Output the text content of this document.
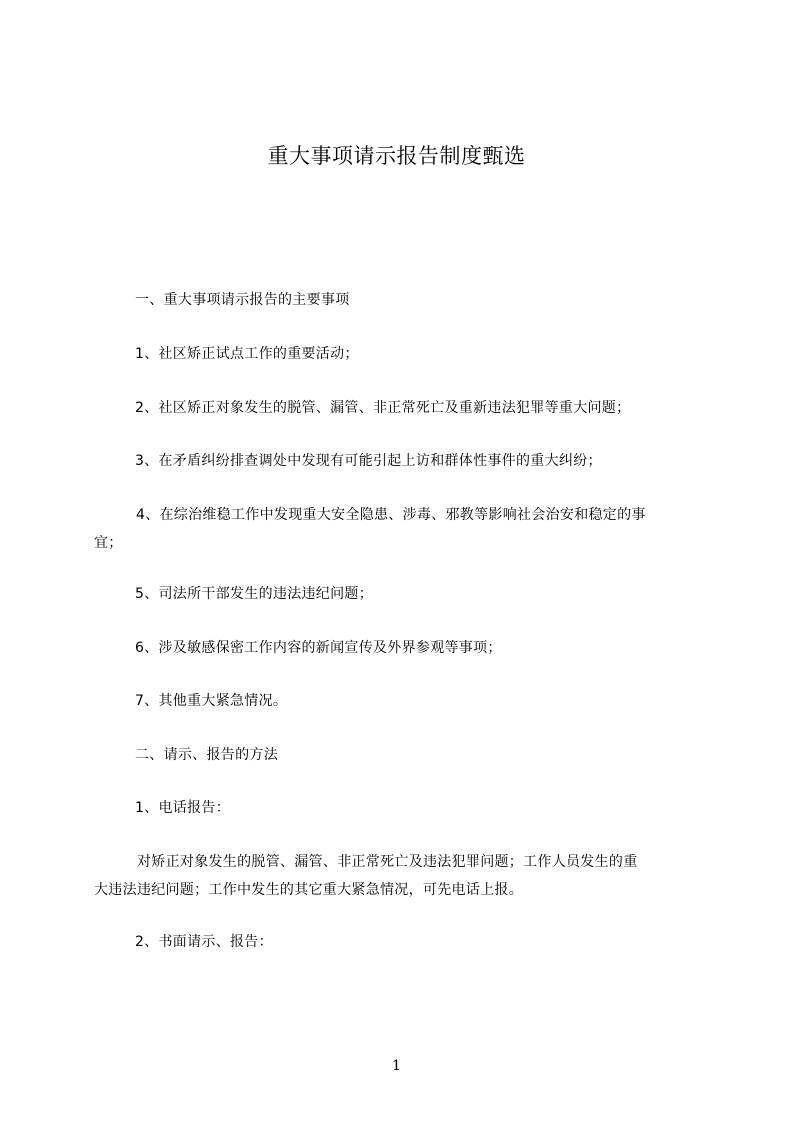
重大事项请示报告制度甄选
一、重大事项请示报告的主要事项
1、社区矫正试点工作的重要活动；
2、社区矫正对象发生的脱管、漏管、非正常死亡及重新违法犯罪等重大问题；
3、在矛盾纠纷排查调处中发现有可能引起上访和群体性事件的重大纠纷；
4、在综治维稳工作中发现重大安全隐患、涉毒、邪教等影响社会治安和稳定的事
宜；
5、司法所干部发生的违法违纪问题；
6、涉及敏感保密工作内容的新闻宣传及外界参观等事项；
7、其他重大紧急情况。
二、请示、报告的方法
1、电话报告：
对矫正对象发生的脱管、漏管、非正常死亡及违法犯罪问题；工作人员发生的重
大违法违纪问题；工作中发生的其它重大紧急情况，可先电话上报。
2、书面请示、报告：
1
